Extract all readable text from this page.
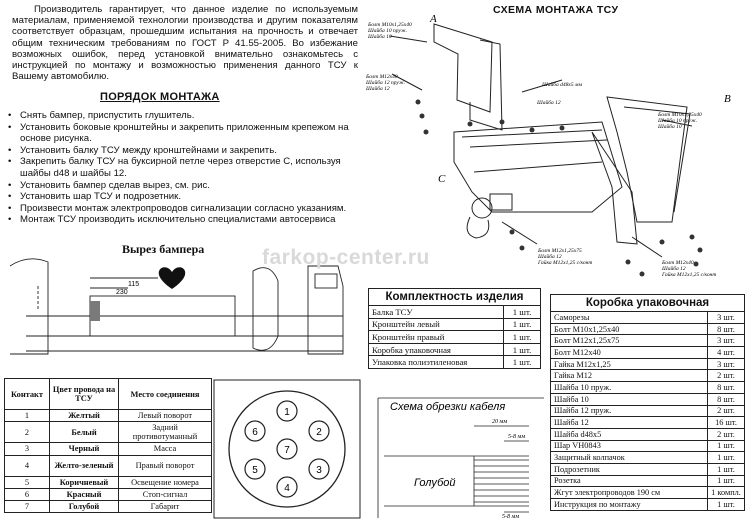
Производитель гарантирует, что данное изделие по используемым материалам, применяемой технологии производства и другим показателям соответствует образцам, прошедшим испытания на прочность и отвечает общим техническим требованиям по ГОСТ Р 41.55-2005. Во избежание возможных ошибок, перед установкой внимательно ознакомьтесь с инструкцией по монтажу и возможностью применения данного ТСУ к Вашему автомобилю.
ПОРЯДОК МОНТАЖА
• Снять бампер, приспустить глушитель.
• Установить боковые кронштейны и закрепить приложенным крепежом на основе рисунка.
• Установить балку ТСУ между кронштейнами и закрепить.
• Закрепить балку ТСУ на буксирной петле через отверстие С, используя шайбы d48 и шайбы 12.
• Установить бампер сделав вырез, см. рис.
• Установить шар ТСУ и подрозетник.
• Произвести монтаж электропроводов сигнализации согласно указаниям.
• Монтаж ТСУ производить исключительно специалистами автосервиса
Вырез бампера
115
230
farkop-center.ru
Контакт	Цвет провода на ТСУ	Место соединения
1	Желтый	Левый поворот
2	Белый	Задний противотуманный
3	Черный	Масса
4	Желто-зеленый	Правый поворот
5	Коричневый	Освещение номера
6	Красный	Стоп-сигнал
7	Голубой	Габарит
1
6	2
7
5	3
4
СХЕМА МОНТАЖА ТСУ
A
B
C
Болт М10х1,25х40
Шайба 10 пруж.
Шайба 10
Болт М12х40
Шайба 12 пруж.
Шайба 12
Шайба 12
Шайба d48х5 мм
Болт М10х1,25х40
Шайба 10 пруж.
Шайба 10
Болт М12х1,25х75
Шайба 12
Гайка М12х1,25 с/конт	Болт М12х40
Шайба 12
Гайка М12х1,25 с/конт
Комплектность изделия	
Балка ТСУ	1 шт.
Кронштейн левый	1 шт.
Кронштейн правый	1 шт.
Коробка упаковочная	1 шт.
Упаковка полиэтиленовая	1 шт.
Схема обрезки кабеля
20 мм
5-8 мм
5-8 мм
Голубой
Коробка упаковочная	
Саморезы	3 шт.
Болт М10х1,25х40	8 шт.
Болт М12х1,25х75	3 шт.
Болт М12х40	4 шт.
Гайка М12х1,25	3 шт.
Гайка М12	2 шт.
Шайба 10 пруж.	8 шт.
Шайба 10	8 шт.
Шайба 12 пруж.	2 шт.
Шайба 12	16 шт.
Шайба d48х5	2 шт.
Шар VH0843	1 шт.
Защитный колпачок	1 шт.
Подрозетник	1 шт.
Розетка	1 шт.
Жгут электропроводов 190 см	1 компл.
Инструкция по монтажу	1 шт.
